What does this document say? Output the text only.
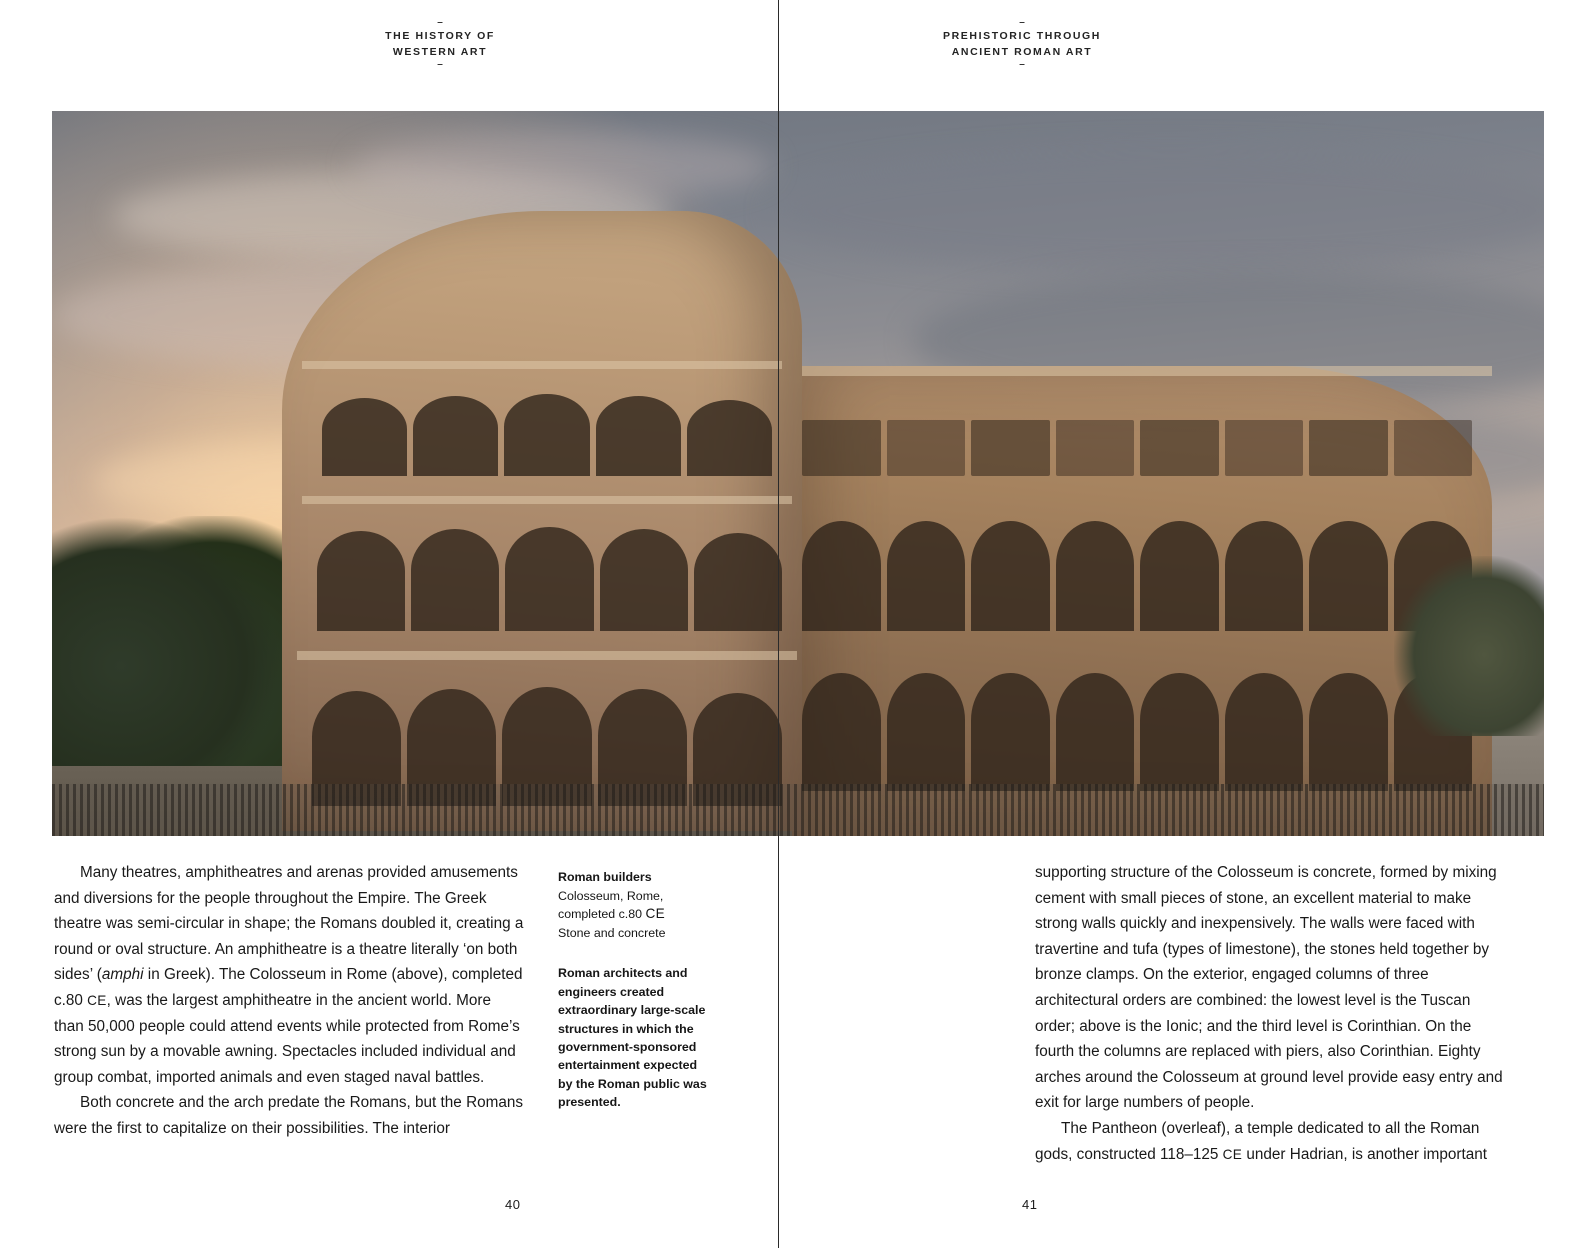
–
THE HISTORY OF
WESTERN ART
–
–
PREHISTORIC THROUGH
ANCIENT ROMAN ART
–

Many theatres, amphitheatres and arenas provided amusements and diversions for the people throughout the Empire. The Greek theatre was semi-circular in shape; the Romans doubled it, creating a round or oval structure. An amphitheatre is a theatre literally ‘on both sides’ (amphi in Greek). The Colosseum in Rome (above), completed c.80 CE, was the largest amphitheatre in the ancient world. More than 50,000 people could attend events while protected from Rome’s strong sun by a movable awning. Spectacles included individual and group combat, imported animals and even staged naval battles.

Both concrete and the arch predate the Romans, but the Romans were the first to capitalize on their possibilities. The interior

Roman builders
Colosseum, Rome,
completed c.80 CE
Stone and concrete
Roman architects and engineers created extraordinary large-scale structures in which the government-sponsored entertainment expected by the Roman public was presented.

supporting structure of the Colosseum is concrete, formed by mixing cement with small pieces of stone, an excellent material to make strong walls quickly and inexpensively. The walls were faced with travertine and tufa (types of limestone), the stones held together by bronze clamps. On the exterior, engaged columns of three architectural orders are combined: the lowest level is the Tuscan order; above is the Ionic; and the third level is Corinthian. On the fourth the columns are replaced with piers, also Corinthian. Eighty arches around the Colosseum at ground level provide easy entry and exit for large numbers of people.

The Pantheon (overleaf), a temple dedicated to all the Roman gods, constructed 118–125 CE under Hadrian, is another important

40	41
